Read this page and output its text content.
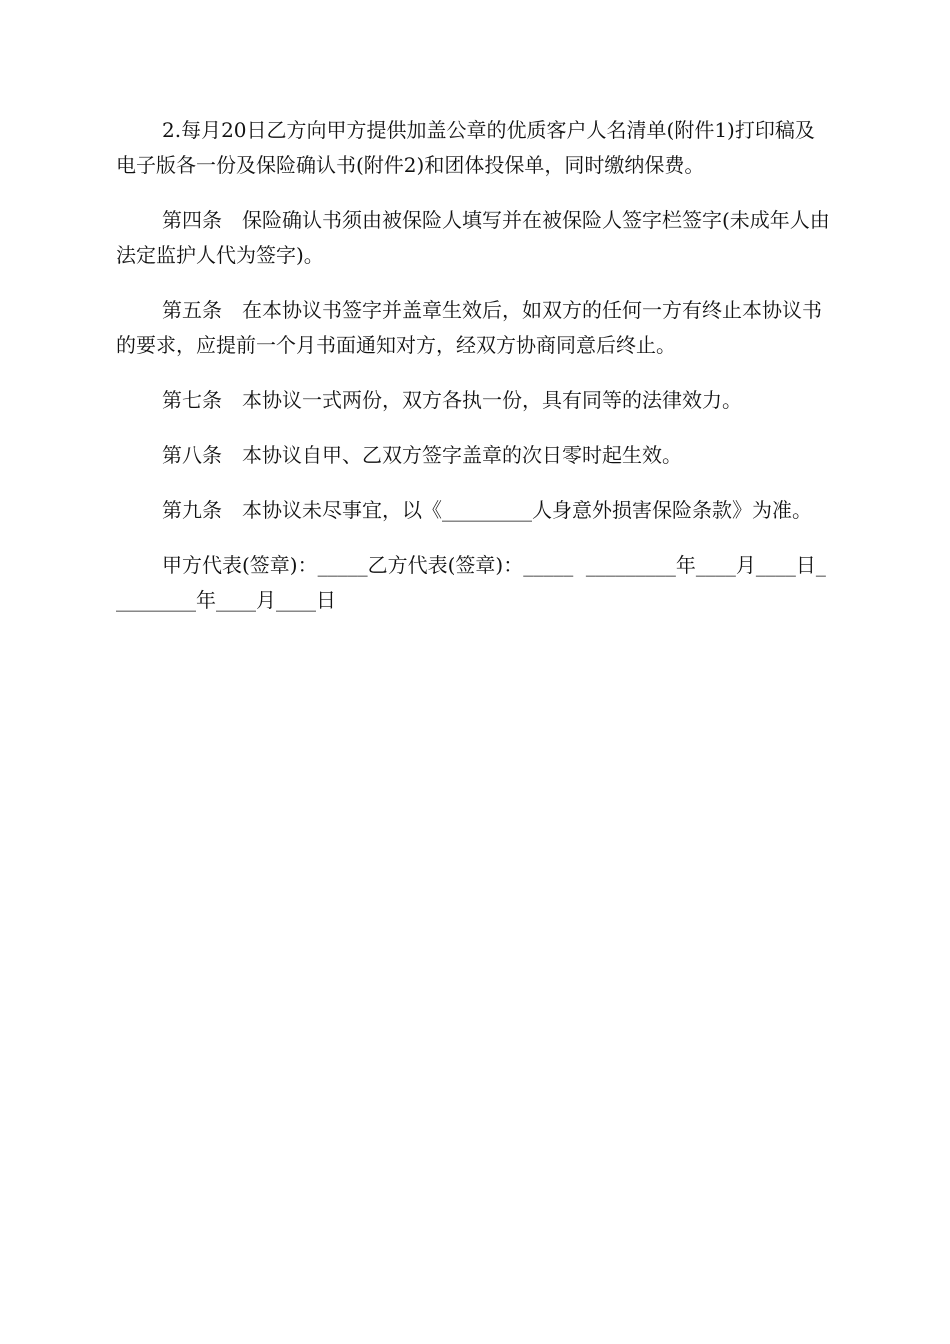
2.每月20日乙方向甲方提供加盖公章的优质客户人名清单(附件1)打印稿及电子版各一份及保险确认书(附件2)和团体投保单，同时缴纳保费。

第四条　保险确认书须由被保险人填写并在被保险人签字栏签字(未成年人由法定监护人代为签字)。

第五条　在本协议书签字并盖章生效后，如双方的任何一方有终止本协议书的要求，应提前一个月书面通知对方，经双方协商同意后终止。

第七条　本协议一式两份，双方各执一份，具有同等的法律效力。

第八条　本协议自甲、乙双方签字盖章的次日零时起生效。

第九条　本协议未尽事宜，以《_________人身意外损害保险条款》为准。

甲方代表(签章)：_____乙方代表(签章)：_____  _________年____月____日_________年____月____日
